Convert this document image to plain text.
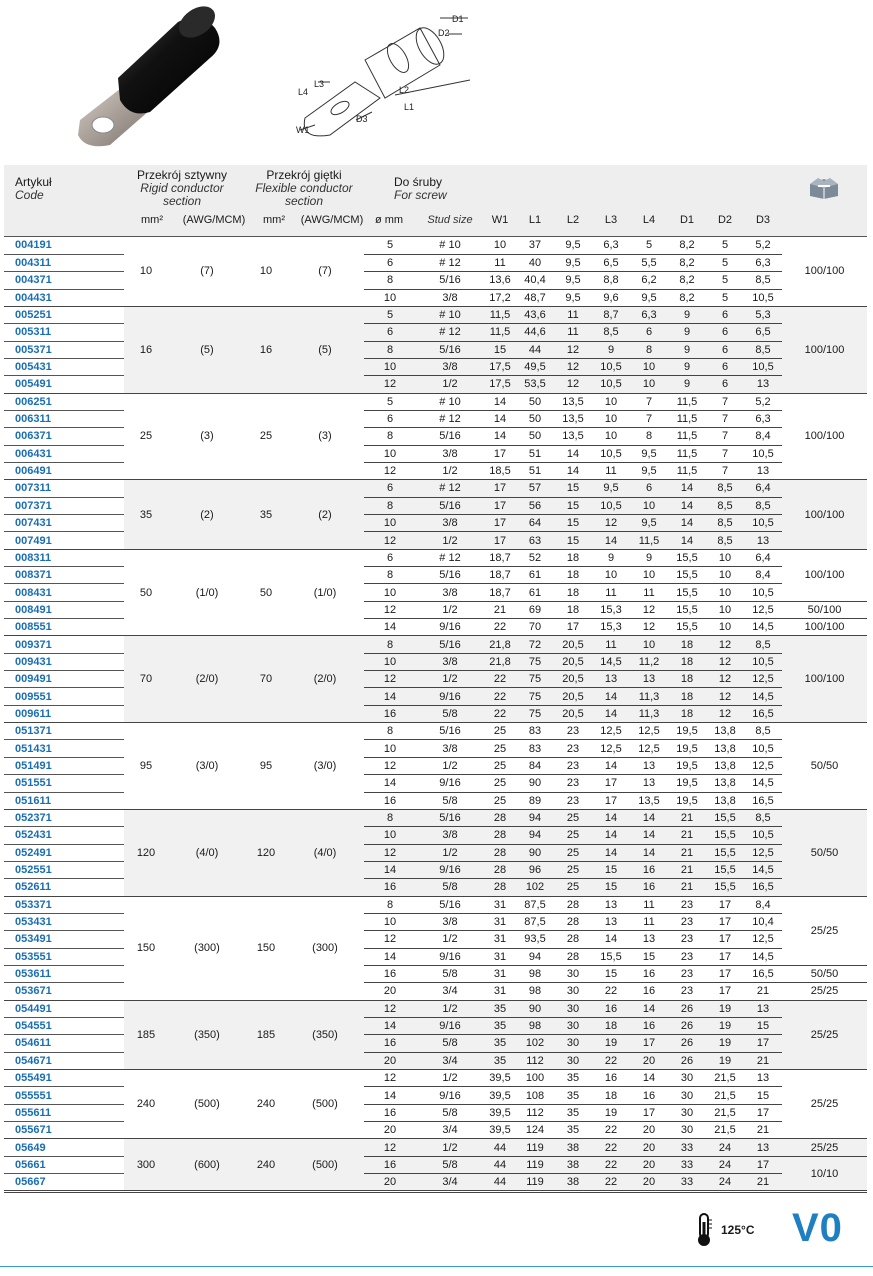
D1
D2
D3
L1
L2
L3
L4
W1
Artykuł
Code
Przekrój sztywny
Rigid conductor
section
Przekrój giętki
Flexible conductor
section
Do śruby
For screw
mm²	(AWG/MCM)	mm²	(AWG/MCM)	ø mm	Stud size	W1	L1	L2	L3	L4	D1	D2	D3
004191	10	(7)	10	(7)	5	# 10	10	37	9,5	6,3	5	8,2	5	5,2	100/100
004311					6	# 12	11	40	9,5	6,5	5,5	8,2	5	6,3	
004371					8	5/16	13,6	40,4	9,5	8,8	6,2	8,2	5	8,5	
004431					10	3/8	17,2	48,7	9,5	9,6	9,5	8,2	5	10,5	
005251	16	(5)	16	(5)	5	# 10	11,5	43,6	11	8,7	6,3	9	6	5,3	100/100
005311					6	# 12	11,5	44,6	11	8,5	6	9	6	6,5	
005371					8	5/16	15	44	12	9	8	9	6	8,5	
005431					10	3/8	17,5	49,5	12	10,5	10	9	6	10,5	
005491					12	1/2	17,5	53,5	12	10,5	10	9	6	13	
006251	25	(3)	25	(3)	5	# 10	14	50	13,5	10	7	11,5	7	5,2	100/100
006311					6	# 12	14	50	13,5	10	7	11,5	7	6,3	
006371					8	5/16	14	50	13,5	10	8	11,5	7	8,4	
006431					10	3/8	17	51	14	10,5	9,5	11,5	7	10,5	
006491					12	1/2	18,5	51	14	11	9,5	11,5	7	13	
007311	35	(2)	35	(2)	6	# 12	17	57	15	9,5	6	14	8,5	6,4	100/100
007371					8	5/16	17	56	15	10,5	10	14	8,5	8,5	
007431					10	3/8	17	64	15	12	9,5	14	8,5	10,5	
007491					12	1/2	17	63	15	14	11,5	14	8,5	13	
008311	50	(1/0)	50	(1/0)	6	# 12	18,7	52	18	9	9	15,5	10	6,4	100/100
008371					8	5/16	18,7	61	18	10	10	15,5	10	8,4	
008431					10	3/8	18,7	61	18	11	11	15,5	10	10,5	
008491					12	1/2	21	69	18	15,3	12	15,5	10	12,5	50/100
008551					14	9/16	22	70	17	15,3	12	15,5	10	14,5	100/100
009371	70	(2/0)	70	(2/0)	8	5/16	21,8	72	20,5	11	10	18	12	8,5	100/100
009431					10	3/8	21,8	75	20,5	14,5	11,2	18	12	10,5	
009491					12	1/2	22	75	20,5	13	13	18	12	12,5	
009551					14	9/16	22	75	20,5	14	11,3	18	12	14,5	
009611					16	5/8	22	75	20,5	14	11,3	18	12	16,5	
051371	95	(3/0)	95	(3/0)	8	5/16	25	83	23	12,5	12,5	19,5	13,8	8,5	50/50
051431					10	3/8	25	83	23	12,5	12,5	19,5	13,8	10,5	
051491					12	1/2	25	84	23	14	13	19,5	13,8	12,5	
051551					14	9/16	25	90	23	17	13	19,5	13,8	14,5	
051611					16	5/8	25	89	23	17	13,5	19,5	13,8	16,5	
052371	120	(4/0)	120	(4/0)	8	5/16	28	94	25	14	14	21	15,5	8,5	50/50
052431					10	3/8	28	94	25	14	14	21	15,5	10,5	
052491					12	1/2	28	90	25	14	14	21	15,5	12,5	
052551					14	9/16	28	96	25	15	16	21	15,5	14,5	
052611					16	5/8	28	102	25	15	16	21	15,5	16,5	
053371	150	(300)	150	(300)	8	5/16	31	87,5	28	13	11	23	17	8,4	25/25
053431					10	3/8	31	87,5	28	13	11	23	17	10,4	
053491					12	1/2	31	93,5	28	14	13	23	17	12,5	
053551					14	9/16	31	94	28	15,5	15	23	17	14,5	
053611					16	5/8	31	98	30	15	16	23	17	16,5	50/50
053671					20	3/4	31	98	30	22	16	23	17	21	25/25
054491	185	(350)	185	(350)	12	1/2	35	90	30	16	14	26	19	13	25/25
054551					14	9/16	35	98	30	18	16	26	19	15	
054611					16	5/8	35	102	30	19	17	26	19	17	
054671					20	3/4	35	112	30	22	20	26	19	21	
055491	240	(500)	240	(500)	12	1/2	39,5	100	35	16	14	30	21,5	13	25/25
055551					14	9/16	39,5	108	35	18	16	30	21,5	15	
055611					16	5/8	39,5	112	35	19	17	30	21,5	17	
055671					20	3/4	39,5	124	35	22	20	30	21,5	21	
05649	300	(600)	240	(500)	12	1/2	44	119	38	22	20	33	24	13	25/25
05661					16	5/8	44	119	38	22	20	33	24	17	10/10
05667					20	3/4	44	119	38	22	20	33	24	21	
125°C V0
